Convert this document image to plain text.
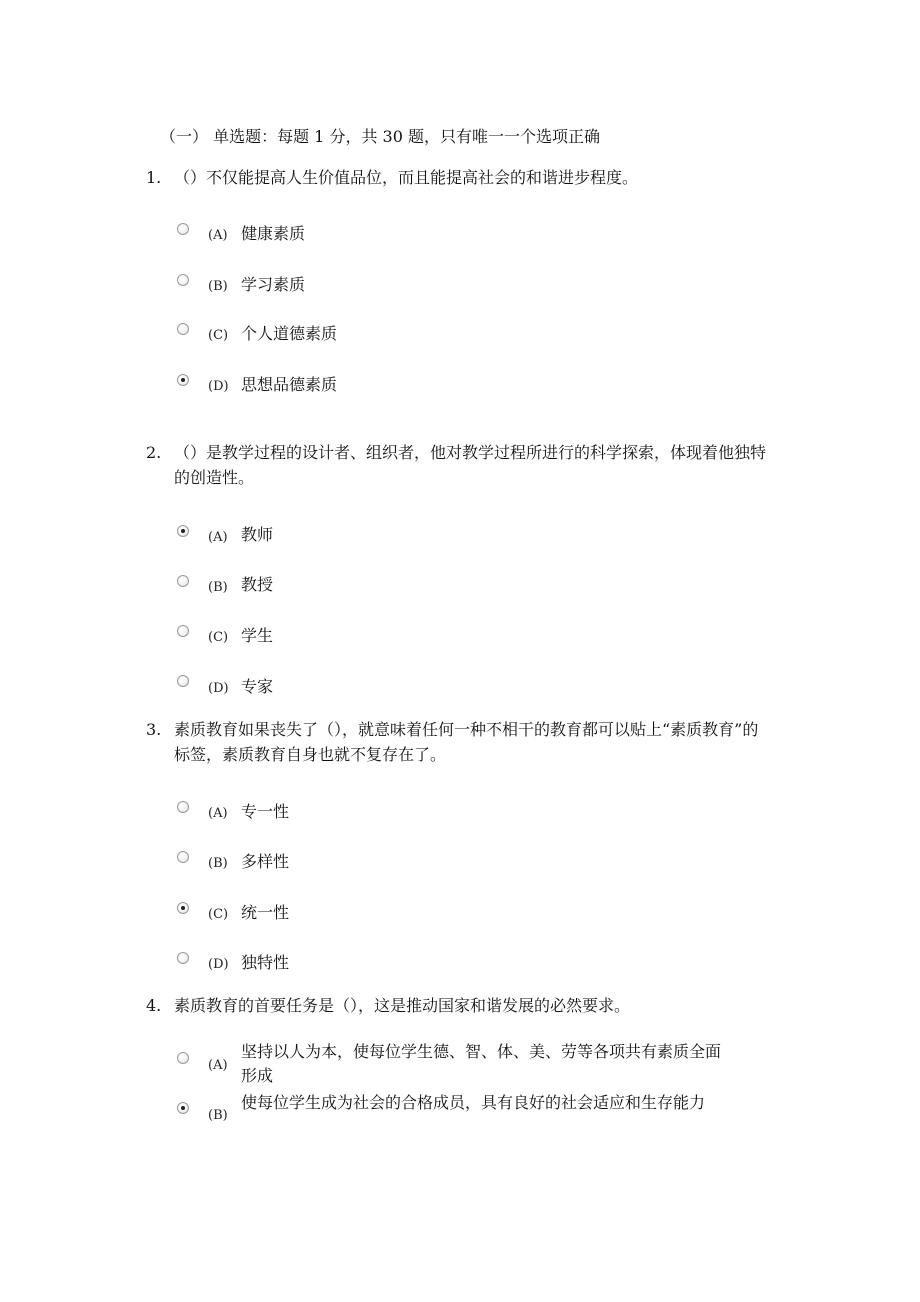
（一） 单选题：每题 1 分，共 30 题，只有唯一一个选项正确
1. （）不仅能提高人生价值品位，而且能提高社会的和谐进步程度。
(A) 健康素质
(B) 学习素质
(C) 个人道德素质
(D) 思想品德素质
2. （）是教学过程的设计者、组织者，他对教学过程所进行的科学探索，体现着他独特的创造性。
(A) 教师
(B) 教授
(C) 学生
(D) 专家
3. 素质教育如果丧失了（），就意味着任何一种不相干的教育都可以贴上“素质教育”的标签，素质教育自身也就不复存在了。
(A) 专一性
(B) 多样性
(C) 统一性
(D) 独特性
4. 素质教育的首要任务是（），这是推动国家和谐发展的必然要求。
(A)
坚持以人为本，使每位学生德、智、体、美、劳等各项共有素质全面形成
(B)
使每位学生成为社会的合格成员，具有良好的社会适应和生存能力
